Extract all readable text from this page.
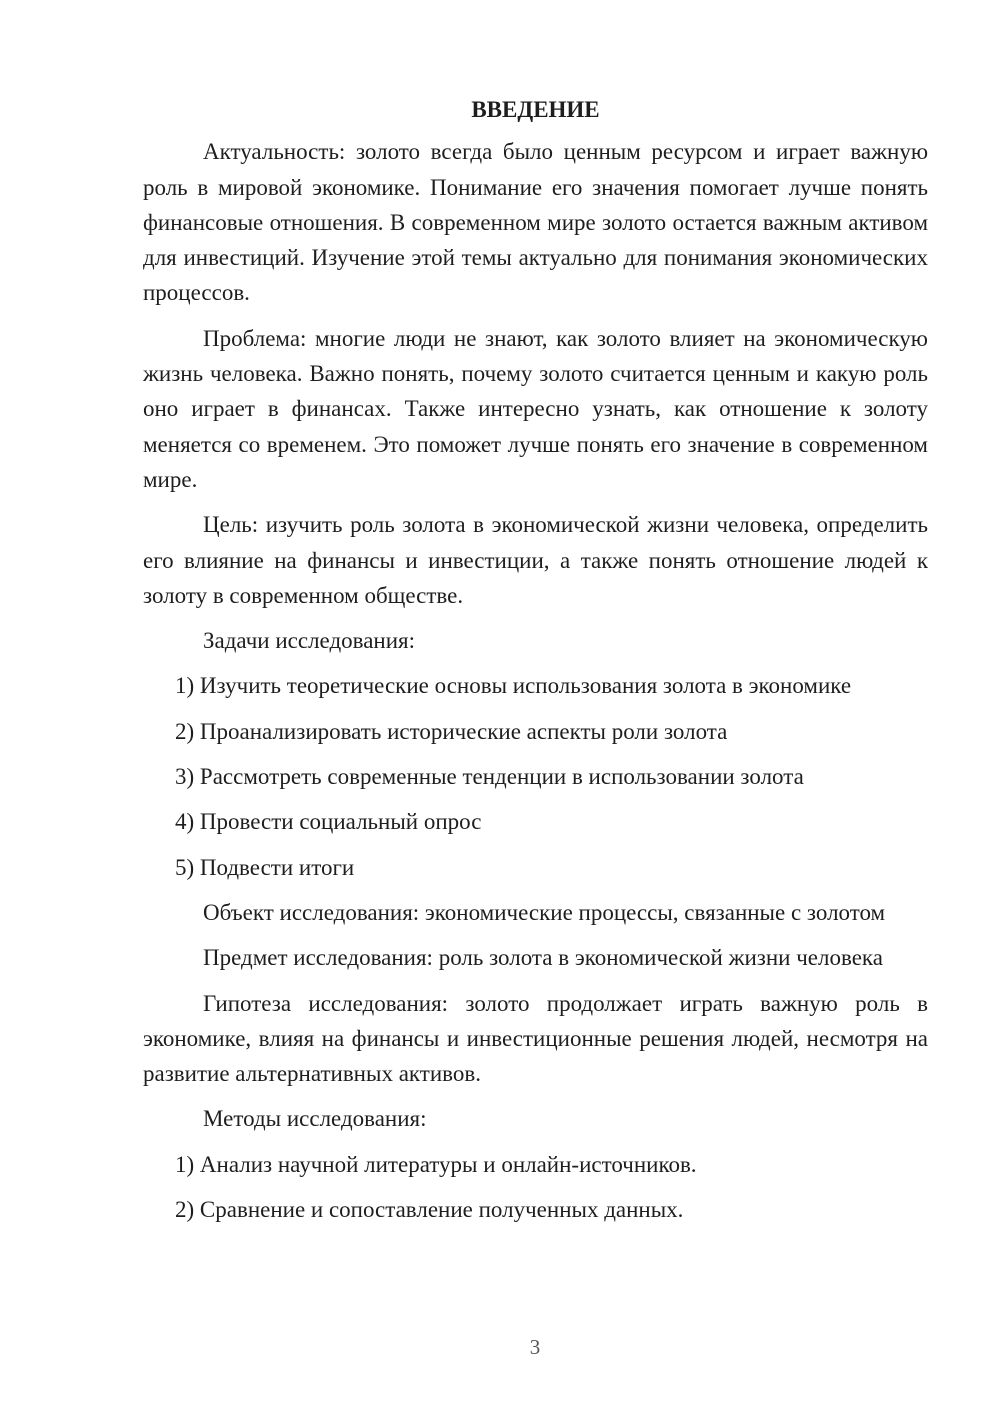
ВВЕДЕНИЕ

Актуальность: золото всегда было ценным ресурсом и играет важную роль в мировой экономике. Понимание его значения помогает лучше понять финансовые отношения. В современном мире золото остается важным активом для инвестиций. Изучение этой темы актуально для понимания экономических процессов.

Проблема: многие люди не знают, как золото влияет на экономическую жизнь человека. Важно понять, почему золото считается ценным и какую роль оно играет в финансах. Также интересно узнать, как отношение к золоту меняется со временем. Это поможет лучше понять его значение в современном мире.

Цель: изучить роль золота в экономической жизни человека, определить его влияние на финансы и инвестиции, а также понять отношение людей к золоту в современном обществе.

Задачи исследования:

1) Изучить теоретические основы использования золота в экономике

2) Проанализировать исторические аспекты роли золота

3) Рассмотреть современные тенденции в использовании золота

4) Провести социальный опрос

5) Подвести итоги

Объект исследования: экономические процессы, связанные с золотом

Предмет исследования: роль золота в экономической жизни человека

Гипотеза исследования: золото продолжает играть важную роль в экономике, влияя на финансы и инвестиционные решения людей, несмотря на развитие альтернативных активов.

Методы исследования:

1) Анализ научной литературы и онлайн-источников.

2) Сравнение и сопоставление полученных данных.

3
